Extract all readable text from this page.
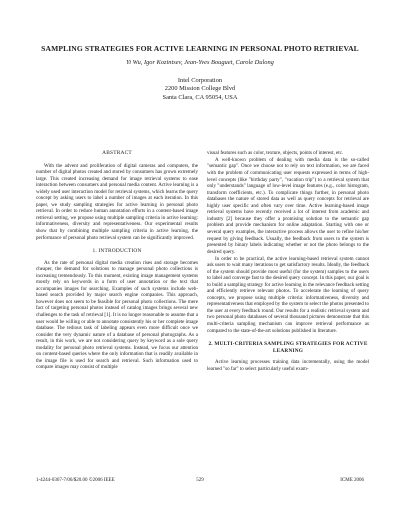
SAMPLING STRATEGIES FOR ACTIVE LEARNING IN PERSONAL PHOTO RETRIEVAL
Yi Wu, Igor Kozintsev, Jean-Yves Bouguet, Carole Dulong
Intel Corporation
2200 Mission College Blvd
Santa Clara, CA 95054, USA
ABSTRACT

With the advent and proliferation of digital cameras and computers, the number of digital photos created and stored by consumers has grown extremely large. This created increasing demand for image retrieval systems to ease interaction between consumers and personal media content. Active learning is a widely used user interaction model for retrieval systems, which learns the query concept by asking users to label a number of images at each iteration. In this paper, we study sampling strategies for active learning in personal photo retrieval. In order to reduce human annotation efforts in a content-based image retrieval setting, we propose using multiple sampling criteria in active learning: informativeness, diversity and representativeness. Our experimental results show that by combining multiple sampling criteria in active learning, the performance of personal photo retrieval system can be significantly improved.

1. INTRODUCTION

As the rate of personal digital media creation rises and storage becomes cheaper, the demand for solutions to manage personal photo collections is increasing tremendously. To this moment, existing image management systems mostly rely on keywords in a form of user annotation or the text that accompanies images for searching. Examples of such systems include web-based search provided by major search engine companies. This approach, however does not seem to be feasible for personal photo collections. The mere fact of targeting personal photos instead of catalog images brings several new challenges to the task of retrieval [1]. It is no longer reasonable to assume that a user would be willing or able to annotate consistently his or her complete image database. The tedious task of labeling appears even more difficult once we consider the very dynamic nature of a database of personal photographs. As a result, in this work, we are not considering query by keyword as a sole query modality for personal photo retrieval systems. Instead, we focus our attention on content-based queries where the only information that is readily available in the image file is used for search and retrieval. Such information used to compare images may consist of multiple

visual features such as color, texture, objects, points of interest, etc.

A well-known problem of dealing with media data is the so-called "semantic gap". Once we choose not to rely on text information, we are faced with the problem of communicating user requests expressed in terms of high-level concepts (like "birthday party", "vacation trip") to a retrieval system that only "understands" language of low-level image features (e.g., color histogram, transform coefficients, etc.). To complicate things further, in personal photo databases the nature of stored data as well as query concepts for retrieval are highly user specific and often vary over time. Active learning-based image retrieval systems have recently received a lot of interest from academic and industry [2] because they offer a promising solution to the semantic gap problem and provide mechanism for online adaptation. Starting with one or several query examples, the interactive process allows the user to refine his/her request by giving feedback. Usually, the feedback from users to the system is presented by binary labels indicating whether or not the photo belongs to the desired query.

In order to be practical, the active learning-based retrieval system cannot ask users to wait many iterations to get satisfactory results. Ideally, the feedback of the system should provide most useful (for the system) samples to the users to label and converge fast to the desired query concept. In this paper, our goal is to build a sampling strategy for active learning in the relevance feedback setting and efficiently retrieve relevant photos. To accelerate the learning of query concepts, we propose using multiple criteria: informativeness, diversity and representativeness that employed by the system to select the photos presented to the user at every feedback round. Our results for a realistic retrieval system and two personal photo databases of several thousand pictures demonstrate that this multi-criteria sampling mechanism can improve retrieval performance as compared to the state-of-the-art solutions published in literature.

2. MULTI-CRITERIA SAMPLING STRATEGIES FOR ACTIVE LEARNING

Active learning processes training data incrementally, using the model learned "so far" to select particularly useful exam-

1-4244-0367-7/06/$20.00 ©2006 IEEE	529	ICME 2006
